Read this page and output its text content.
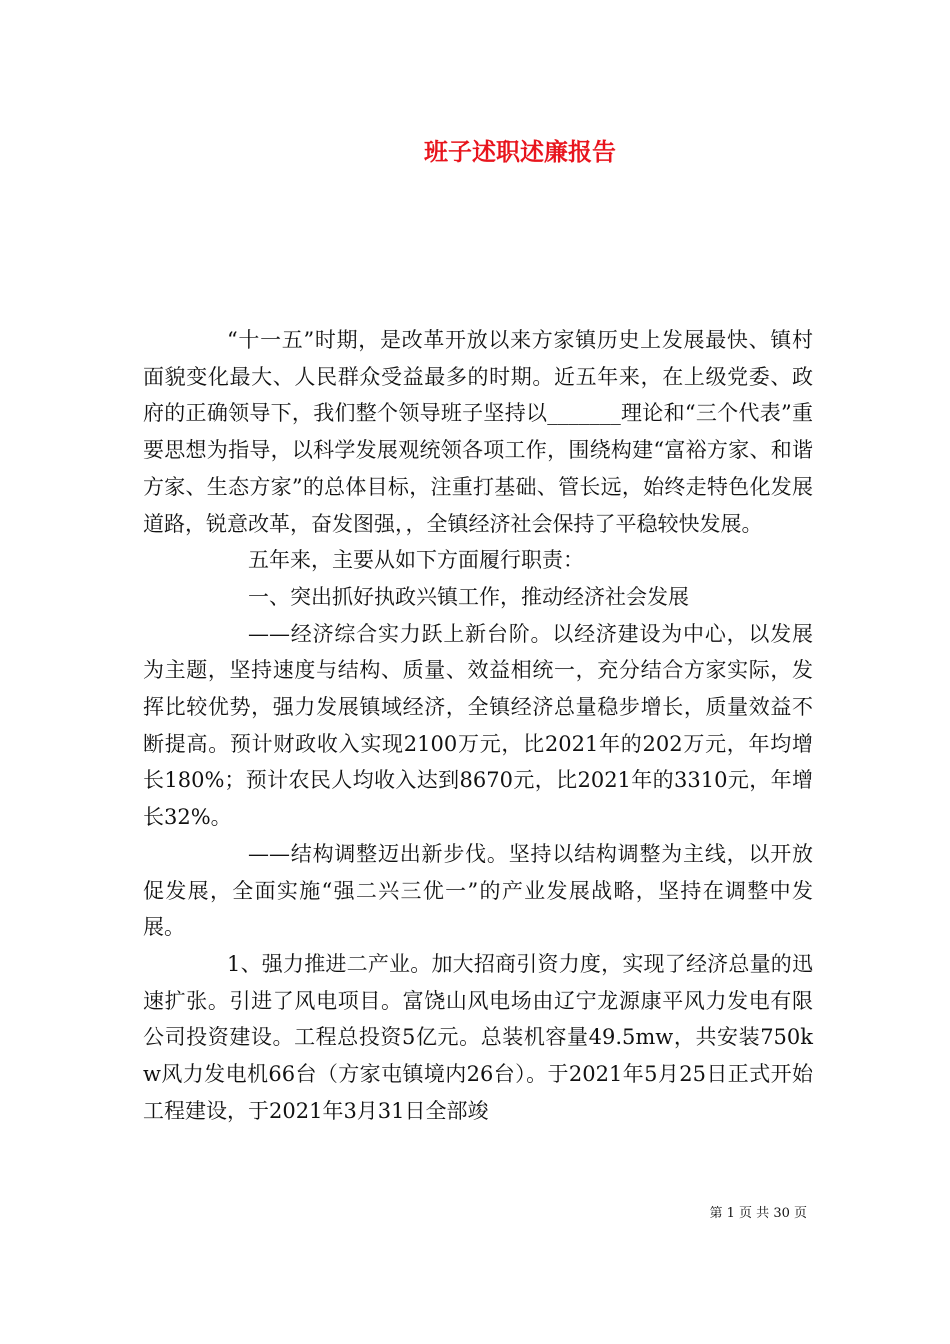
班子述职述廉报告

“十一五”时期，是改革开放以来方家镇历史上发展最快、镇村面貌变化最大、人民群众受益最多的时期。近五年来，在上级党委、政府的正确领导下，我们整个领导班子坚持以_______理论和“三个代表”重要思想为指导，以科学发展观统领各项工作，围绕构建“富裕方家、和谐方家、生态方家”的总体目标，注重打基础、管长远，始终走特色化发展道路，锐意改革，奋发图强，，全镇经济社会保持了平稳较快发展。

五年来，主要从如下方面履行职责：

一、突出抓好执政兴镇工作，推动经济社会发展

——经济综合实力跃上新台阶。以经济建设为中心，以发展为主题，坚持速度与结构、质量、效益相统一，充分结合方家实际，发挥比较优势，强力发展镇域经济，全镇经济总量稳步增长，质量效益不断提高。预计财政收入实现2100万元，比2021年的202万元，年均增长180%；预计农民人均收入达到8670元，比2021年的3310元，年增长32%。

——结构调整迈出新步伐。坚持以结构调整为主线，以开放促发展，全面实施“强二兴三优一”的产业发展战略，坚持在调整中发展。

1、强力推进二产业。加大招商引资力度，实现了经济总量的迅速扩张。引进了风电项目。富饶山风电场由辽宁龙源康平风力发电有限公司投资建设。工程总投资5亿元。总装机容量49.5mw，共安装750kw风力发电机66台（方家屯镇境内26台）。于2021年5月25日正式开始工程建设，于2021年3月31日全部竣

第 1 页 共 30 页
